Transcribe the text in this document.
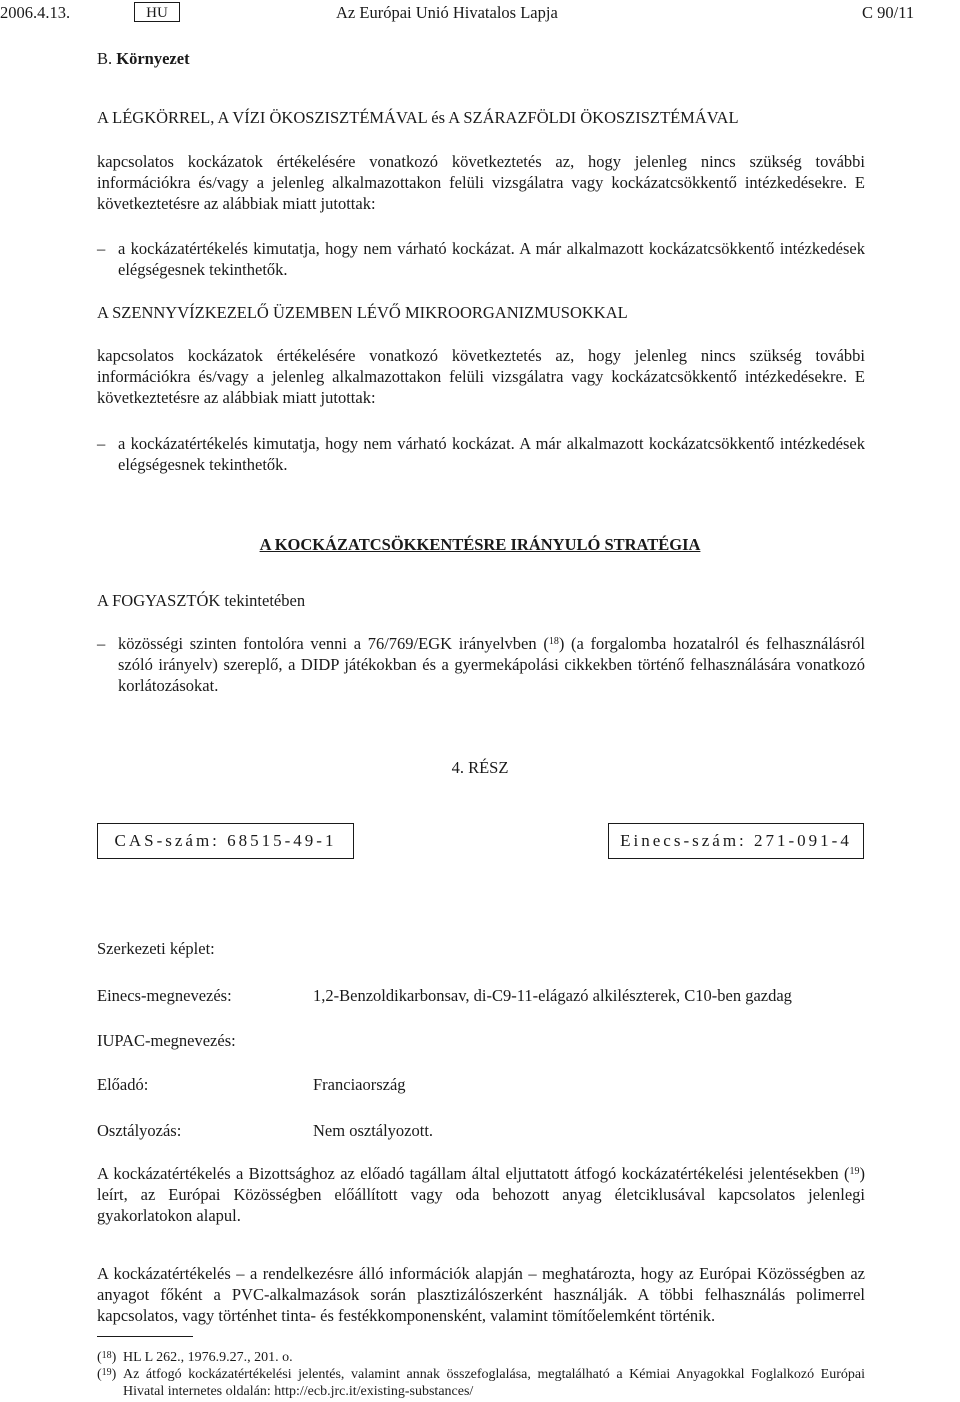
2006.4.13.	HU	Az Európai Unió Hivatalos Lapja	C 90/11
B. Környezet
A LÉGKÖRREL, A VÍZI ÖKOSZISZTÉMÁVAL és A SZÁRAZFÖLDI ÖKOSZISZTÉMÁVAL
kapcsolatos kockázatok értékelésére vonatkozó következtetés az, hogy jelenleg nincs szükség további információkra és/vagy a jelenleg alkalmazottakon felüli vizsgálatra vagy kockázatcsökkentő intézkedésekre. E következtetésre az alábbiak miatt jutottak:
– a kockázatértékelés kimutatja, hogy nem várható kockázat. A már alkalmazott kockázatcsökkentő intézkedések elégségesnek tekinthetők.
A SZENNYVÍZKEZELŐ ÜZEMBEN LÉVŐ MIKROORGANIZMUSOKKAL
kapcsolatos kockázatok értékelésére vonatkozó következtetés az, hogy jelenleg nincs szükség további információkra és/vagy a jelenleg alkalmazottakon felüli vizsgálatra vagy kockázatcsökkentő intézkedésekre. E következtetésre az alábbiak miatt jutottak:
– a kockázatértékelés kimutatja, hogy nem várható kockázat. A már alkalmazott kockázatcsökkentő intézkedések elégségesnek tekinthetők.
A KOCKÁZATCSÖKKENTÉSRE IRÁNYULÓ STRATÉGIA
A FOGYASZTÓK tekintetében
– közösségi szinten fontolóra venni a 76/769/EGK irányelvben ($^{18}$) (a forgalomba hozatalról és felhasználásról szóló irányelv) szereplő, a DIDP játékokban és a gyermekápolási cikkekben történő felhasználására vonatkozó korlátozásokat.
4. RÉSZ
CAS-szám: 68515-49-1	Einecs-szám: 271-091-4
Szerkezeti képlet:
Einecs-megnevezés:	1,2-Benzoldikarbonsav, di-C9-11-elágazó alkilészterek, C10-ben gazdag
IUPAC-megnevezés:
Előadó:	Franciaország
Osztályozás:	Nem osztályozott.
A kockázatértékelés a Bizottsághoz az előadó tagállam által eljuttatott átfogó kockázatértékelési jelentésekben ($^{19}$) leírt, az Európai Közösségben előállított vagy oda behozott anyag életciklusával kapcsolatos jelenlegi gyakorlatokon alapul.
A kockázatértékelés – a rendelkezésre álló információk alapján – meghatározta, hogy az Európai Közösségben az anyagot főként a PVC-alkalmazások során plasztizálószerként használják. A többi felhasználás polimerrel kapcsolatos, vagy történhet tinta- és festékkomponensként, valamint tömítőelemként történik.
($^{18}$) HL L 262., 1976.9.27., 201. o.
($^{19}$) Az átfogó kockázatértékelési jelentés, valamint annak összefoglalása, megtalálható a Kémiai Anyagokkal Foglalkozó Európai Hivatal internetes oldalán: http://ecb.jrc.it/existing-substances/
